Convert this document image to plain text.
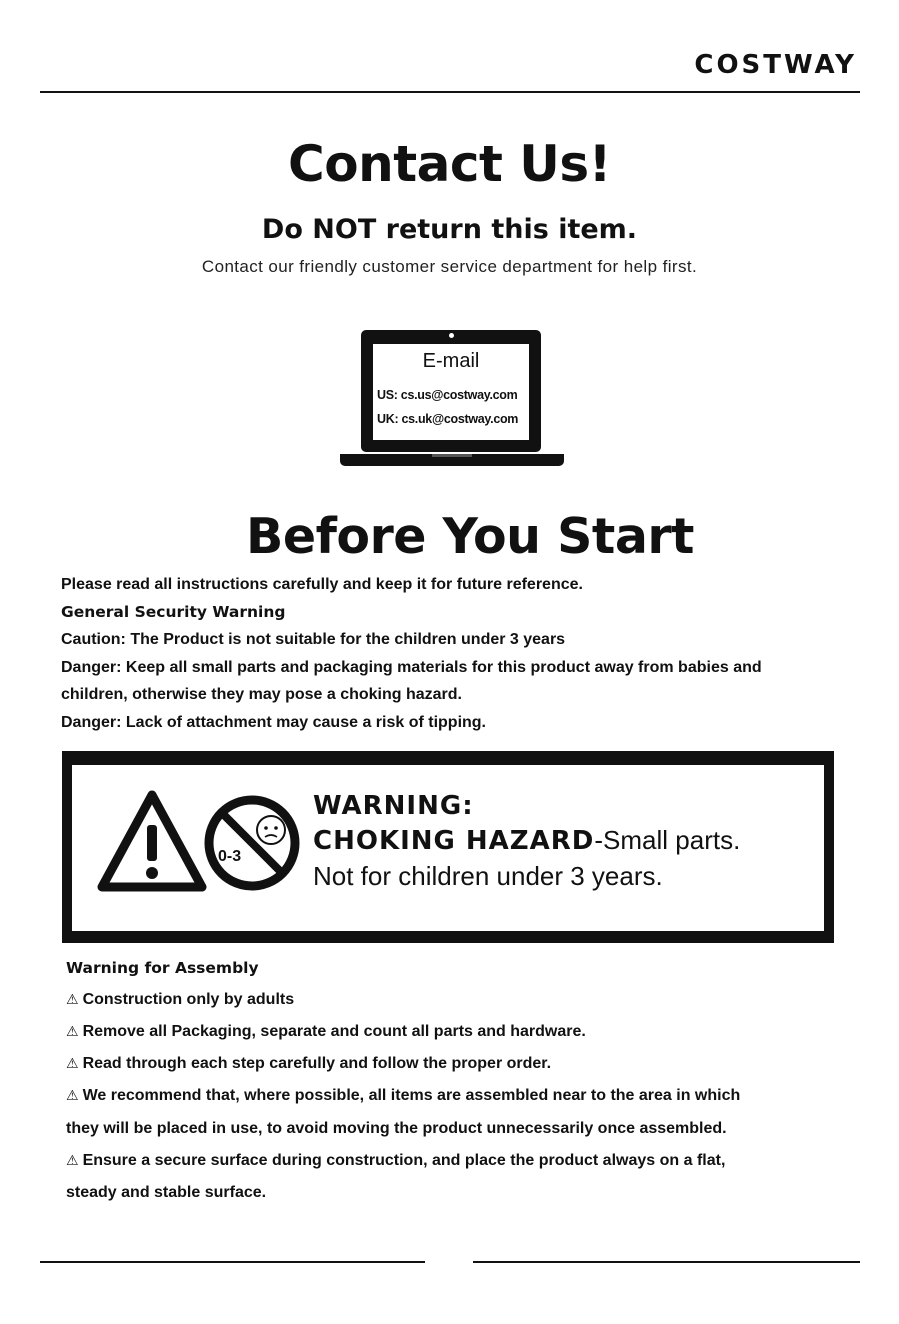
COSTWAY
Contact Us!
Do NOT return this item.
Contact our friendly customer service department for help first.
E-mail
US: cs.us@costway.com
UK: cs.uk@costway.com
Before You Start
Please read all instructions carefully and keep it for future reference.
General Security Warning
Caution: The Product is not suitable for the children under 3 years
Danger: Keep all small parts and packaging materials for this product away from babies and
children, otherwise they may pose a choking hazard.
Danger: Lack of attachment may cause a risk of tipping.
0-3
WARNING:
CHOKING HAZARD-Small parts.
Not for children under 3 years.
Warning for Assembly
⚠ Construction only by adults
⚠ Remove all Packaging, separate and count all parts and hardware.
⚠ Read through each step carefully and follow the proper order.
⚠ We recommend that, where possible, all items are assembled near to the area in which
they will be placed in use, to avoid moving the product unnecessarily once assembled.
⚠ Ensure a secure surface during construction, and place the product always on a flat,
steady and stable surface.
